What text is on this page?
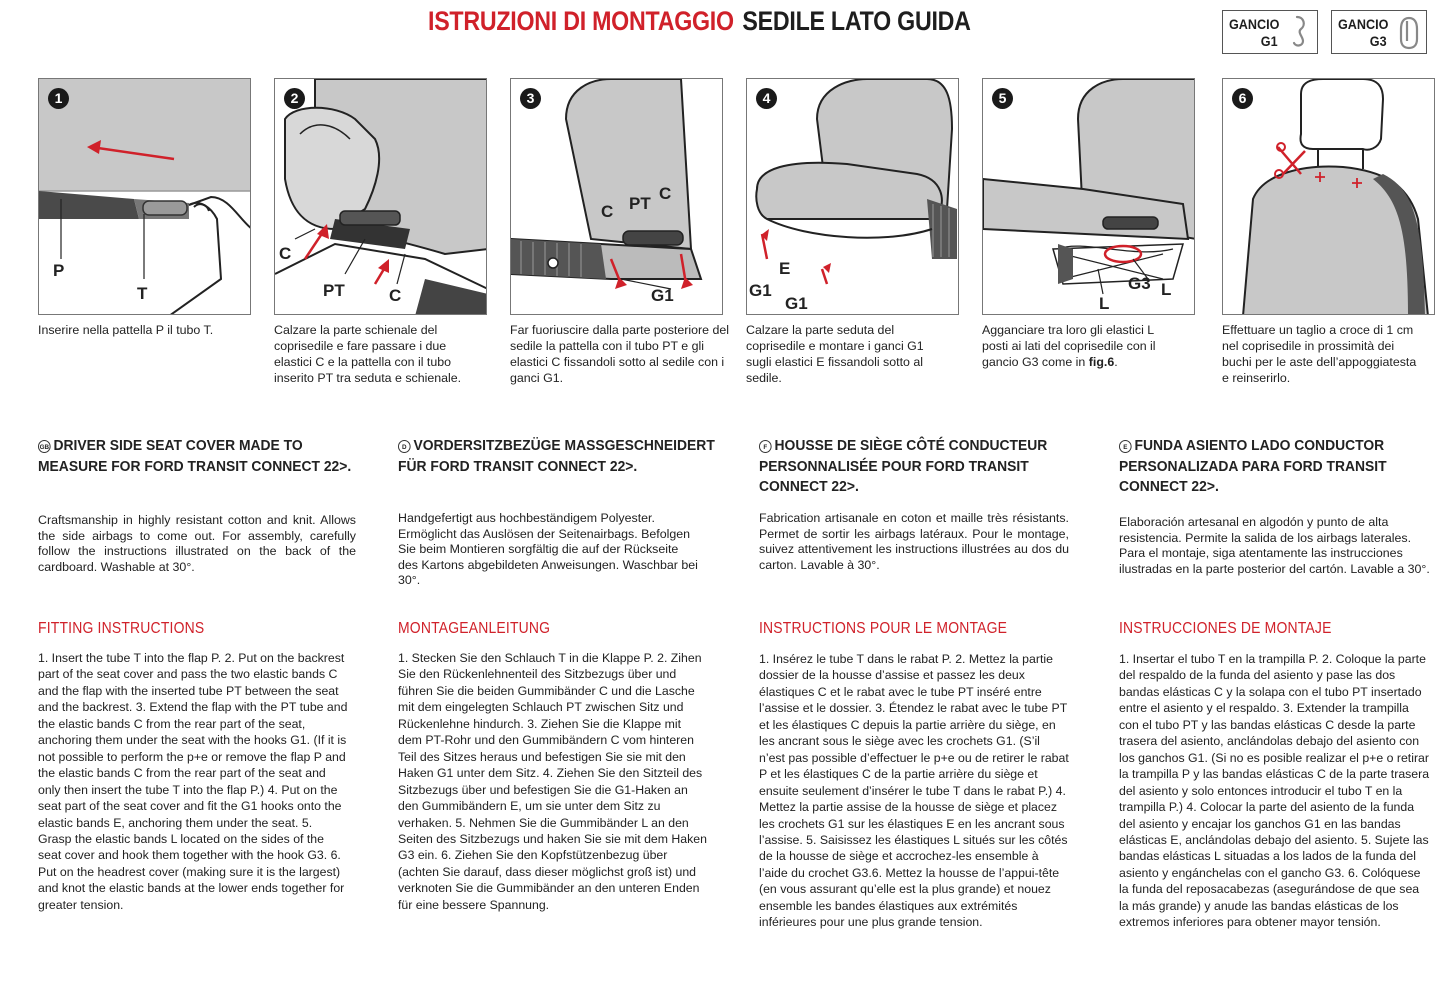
ISTRUZIONI DI MONTAGGIO SEDILE LATO GUIDA	GANCIO
G1
GANCIO
G3
P
T
1
C
PT	C
2
C PT
C
G1
3
E
G1
G1
4
G3 L
L
5	6
Inserire nella pattella P il tubo T.	Calzare la parte schienale del coprisedile e fare passare i due elastici C e la pattella con il tubo inserito PT tra seduta e schienale.
Far fuoriuscire dalla parte posteriore del sedile la pattella con il tubo PT e gli elastici C fissandoli sotto al sedile con i ganci G1.
Calzare la parte seduta del coprisedile e montare i ganci G1 sugli elastici E fissandoli sotto al sedile.
Agganciare tra loro gli elastici L posti ai lati del coprisedile con il gancio G3 come in fig.6.
Effettuare un taglio a croce di 1 cm nel coprisedile in prossimità dei buchi per le aste dell’appoggiatesta e reinserirlo.
GB DRIVER SIDE SEAT COVER MADE TO MEASURE FOR FORD TRANSIT CONNECT 22>.
Craftsmanship in highly resistant cotton and knit. Allows the side airbags to come out. For assembly, carefully follow the instructions illustrated on the back of the cardboard. Washable at 30°.
FITTING INSTRUCTIONS
1. Insert the tube T into the flap P. 2. Put on the backrest part of the seat cover and pass the two elastic bands C and the flap with the inserted tube PT between the seat and the backrest. 3. Extend the flap with the PT tube and the elastic bands C from the rear part of the seat, anchoring them under the seat with the hooks G1. (If it is not possible to perform the p+e or remove the flap P and the elastic bands C from the rear part of the seat and only then insert the tube T into the flap P.) 4. Put on the seat part of the seat cover and fit the G1 hooks onto the elastic bands E, anchoring them under the seat. 5. Grasp the elastic bands L located on the sides of the seat cover and hook them together with the hook G3. 6. Put on the headrest cover (making sure it is the largest) and knot the elastic bands at the lower ends together for greater tension.
D VORDERSITZBEZÜGE MASSGESCHNEIDERT FÜR FORD TRANSIT CONNECT 22>.
Handgefertigt aus hochbeständigem Polyester. Ermöglicht das Auslösen der Seitenairbags. Befolgen Sie beim Montieren sorgfältig die auf der Rückseite des Kartons abgebildeten Anweisungen. Waschbar bei 30°.
MONTAGEANLEITUNG
1. Stecken Sie den Schlauch T in die Klappe P. 2. Zihen Sie den Rückenlehnenteil des Sitzbezugs über und führen Sie die beiden Gummibänder C und die Lasche mit dem eingelegten Schlauch PT zwischen Sitz und Rückenlehne hindurch. 3. Ziehen Sie die Klappe mit dem PT-Rohr und den Gummibändern C vom hinteren Teil des Sitzes heraus und befestigen Sie sie mit den Haken G1 unter dem Sitz. 4. Ziehen Sie den Sitzteil des Sitzbezugs über und befestigen Sie die G1-Haken an den Gummibändern E, um sie unter dem Sitz zu verhaken. 5. Nehmen Sie die Gummibänder L an den Seiten des Sitzbezugs und haken Sie sie mit dem Haken G3 ein. 6. Ziehen Sie den Kopfstützenbezug über (achten Sie darauf, dass dieser möglichst groß ist) und verknoten Sie die Gummibänder an den unteren Enden für eine bessere Spannung.
F HOUSSE DE SIÈGE CÔTÉ CONDUCTEUR PERSONNALISÉE POUR FORD TRANSIT CONNECT 22>.
Fabrication artisanale en coton et maille très résistants. Permet de sortir les airbags latéraux. Pour le montage, suivez attentivement les instructions illustrées au dos du carton. Lavable à 30°.
INSTRUCTIONS POUR LE MONTAGE
1. Insérez le tube T dans le rabat P. 2. Mettez la partie dossier de la housse d’assise et passez les deux élastiques C et le rabat avec le tube PT inséré entre l’assise et le dossier. 3. Étendez le rabat avec le tube PT et les élastiques C depuis la partie arrière du siège, en les ancrant sous le siège avec les crochets G1. (S’il n’est pas possible d’effectuer le p+e ou de retirer le rabat P et les élastiques C de la partie arrière du siège et ensuite seulement d’insérer le tube T dans le rabat P.) 4. Mettez la partie assise de la housse de siège et placez les crochets G1 sur les élastiques E en les ancrant sous l’assise. 5. Saisissez les élastiques L situés sur les côtés de la housse de siège et accrochez-les ensemble à l’aide du crochet G3.6. Mettez la housse de l’appui-tête (en vous assurant qu’elle est la plus grande) et nouez ensemble les bandes élastiques aux extrémités inférieures pour une plus grande tension.
E FUNDA ASIENTO LADO CONDUCTOR PERSONALIZADA PARA FORD TRANSIT CONNECT 22>.
Elaboración artesanal en algodón y punto de alta resistencia. Permite la salida de los airbags laterales. Para el montaje, siga atentamente las instrucciones ilustradas en la parte posterior del cartón. Lavable a 30°.
INSTRUCCIONES DE MONTAJE
1. Insertar el tubo T en la trampilla P. 2. Coloque la parte del respaldo de la funda del asiento y pase las dos bandas elásticas C y la solapa con el tubo PT insertado entre el asiento y el respaldo. 3. Extender la trampilla con el tubo PT y las bandas elásticas C desde la parte trasera del asiento, anclándolas debajo del asiento con los ganchos G1. (Si no es posible realizar el p+e o retirar la trampilla P y las bandas elásticas C de la parte trasera del asiento y solo entonces introducir el tubo T en la trampilla P.) 4. Colocar la parte del asiento de la funda del asiento y encajar los ganchos G1 en las bandas elásticas E, anclándolas debajo del asiento. 5. Sujete las bandas elásticas L situadas a los lados de la funda del asiento y engánchelas con el gancho G3. 6. Colóquese la funda del reposacabezas (asegurándose de que sea la más grande) y anude las bandas elásticas de los extremos inferiores para obtener mayor tensión.
